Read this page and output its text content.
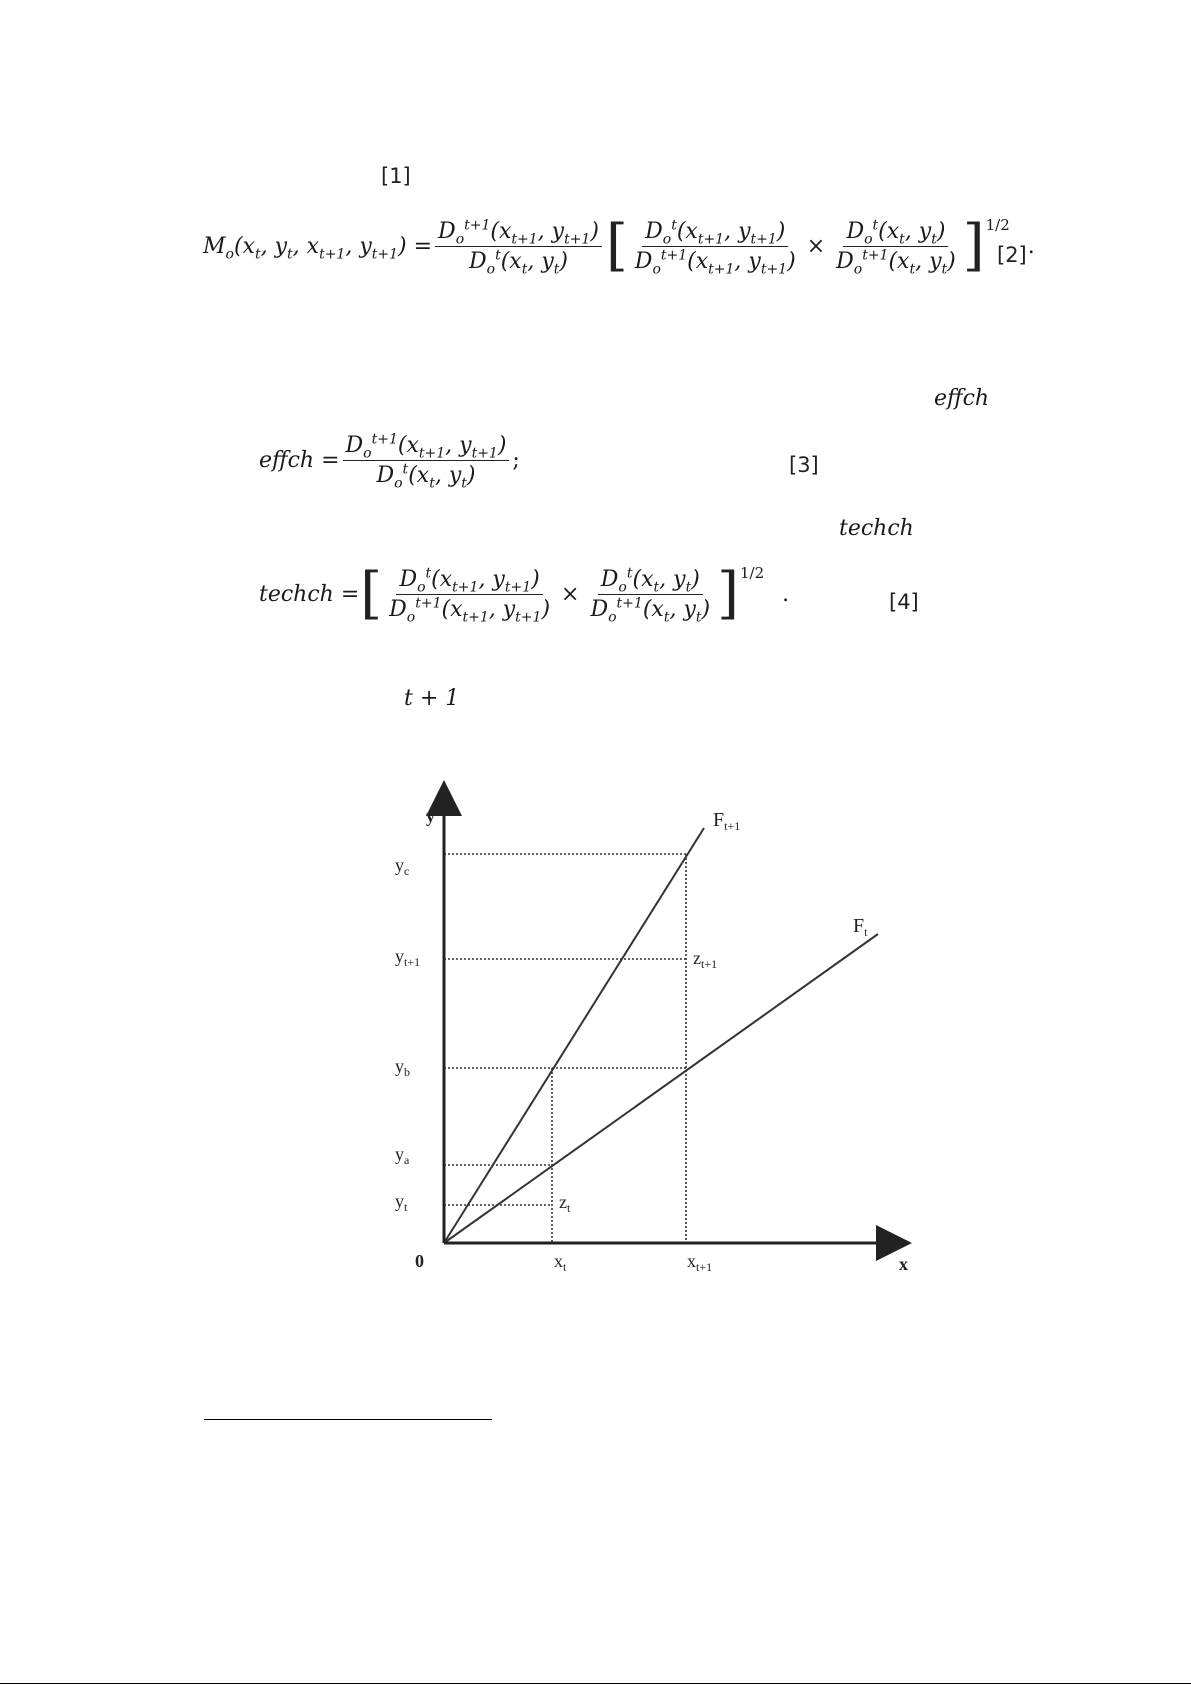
[1]
$M_o(x_t$, $y_t$, $x_{t+1}$, $y_{t+1}) = \frac{D_o^{t+1}(x_{t+1}, y_{t+1})}{D_o^t(x_t, y_t)}$ [ $\frac{D_o^t(x_{t+1}, y_{t+1})}{D_o^{t+1}(x_{t+1}, y_{t+1})} \times \frac{D_o^t(x_t, y_t)}{D_o^{t+1}(x_t, y_t)}$ ] 1/2
.
[2]
effch
effch = $\frac{D_o^{t+1}(x_{t+1}, y_{t+1})}{D_o^t(x_t, y_t)}$ ;	[3]
techch
techch = [ $\frac{D_o^t(x_{t+1}, y_{t+1})}{D_o^{t+1}(x_{t+1}, y_{t+1})} \times \frac{D_o^t(x_t, y_t)}{D_o^{t+1}(x_t, y_t)}$ ] 1/2
.	[4]
t + 1
y
x
0
$y_c$
$y_{t+1}$
$y_b$
$y_a$
$y_t$
$x_t$	$x_{t+1}$
$F_{t+1}$
$F_t$
$z_{t+1}$
$z_t$
